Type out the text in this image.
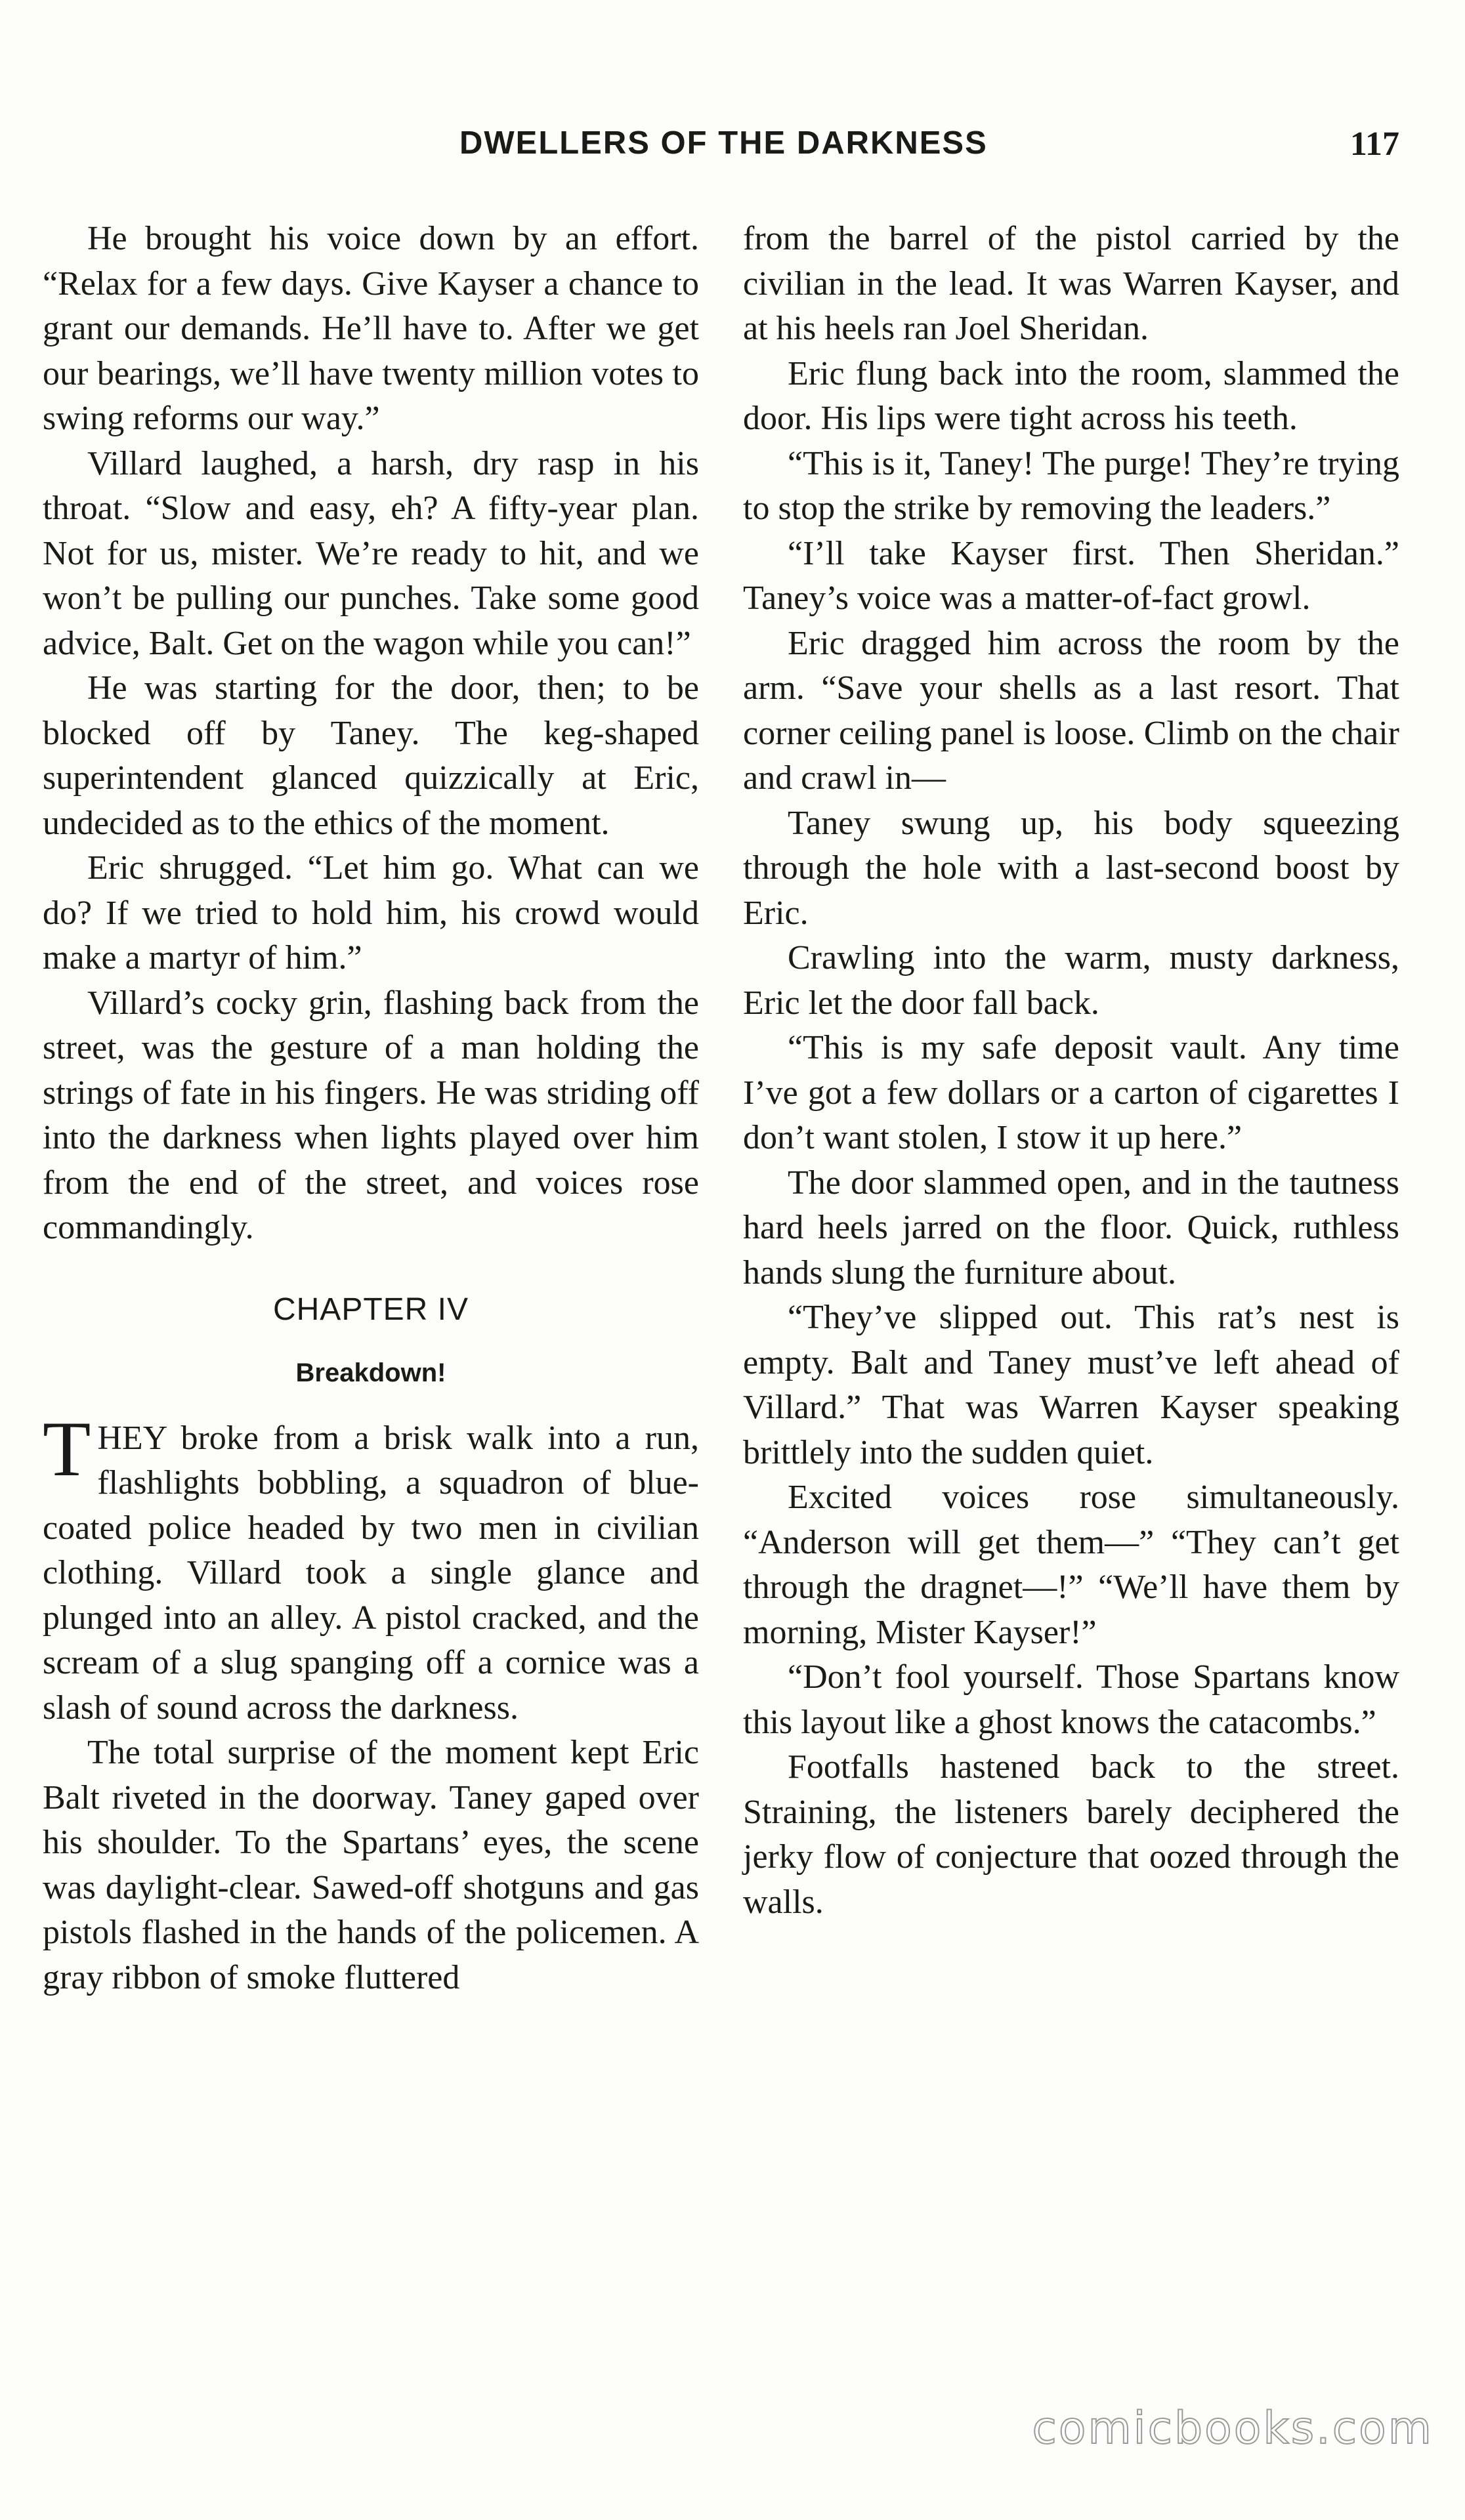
DWELLERS OF THE DARKNESS	117

He brought his voice down by an effort. “Relax for a few days. Give Kayser a chance to grant our demands. He’ll have to. After we get our bearings, we’ll have twenty million votes to swing reforms our way.”

Villard laughed, a harsh, dry rasp in his throat. “Slow and easy, eh? A fifty-year plan. Not for us, mister. We’re ready to hit, and we won’t be pulling our punches. Take some good advice, Balt. Get on the wagon while you can!”

He was starting for the door, then; to be blocked off by Taney. The keg-shaped superintendent glanced quizzically at Eric, undecided as to the ethics of the moment.

Eric shrugged. “Let him go. What can we do? If we tried to hold him, his crowd would make a martyr of him.”

Villard’s cocky grin, flashing back from the street, was the gesture of a man holding the strings of fate in his fingers. He was striding off into the darkness when lights played over him from the end of the street, and voices rose commandingly.

CHAPTER IV
Breakdown!

THEY broke from a brisk walk into a run, flashlights bobbling, a squadron of blue-coated police headed by two men in civilian clothing. Villard took a single glance and plunged into an alley. A pistol cracked, and the scream of a slug spanging off a cornice was a slash of sound across the darkness.

The total surprise of the moment kept Eric Balt riveted in the doorway. Taney gaped over his shoulder. To the Spartans’ eyes, the scene was daylight-clear. Sawed-off shotguns and gas pistols flashed in the hands of the policemen. A gray ribbon of smoke fluttered

from the barrel of the pistol carried by the civilian in the lead. It was Warren Kayser, and at his heels ran Joel Sheridan.

Eric flung back into the room, slammed the door. His lips were tight across his teeth.

“This is it, Taney! The purge! They’re trying to stop the strike by removing the leaders.”

“I’ll take Kayser first. Then Sheridan.” Taney’s voice was a matter-of-fact growl.

Eric dragged him across the room by the arm. “Save your shells as a last resort. That corner ceiling panel is loose. Climb on the chair and crawl in—

Taney swung up, his body squeezing through the hole with a last-second boost by Eric.

Crawling into the warm, musty darkness, Eric let the door fall back.

“This is my safe deposit vault. Any time I’ve got a few dollars or a carton of cigarettes I don’t want stolen, I stow it up here.”

The door slammed open, and in the tautness hard heels jarred on the floor. Quick, ruthless hands slung the furniture about.

“They’ve slipped out. This rat’s nest is empty. Balt and Taney must’ve left ahead of Villard.” That was Warren Kayser speaking brittlely into the sudden quiet.

Excited voices rose simultaneously. “Anderson will get them—” “They can’t get through the dragnet—!” “We’ll have them by morning, Mister Kayser!”

“Don’t fool yourself. Those Spartans know this layout like a ghost knows the catacombs.”

Footfalls hastened back to the street. Straining, the listeners barely deciphered the jerky flow of conjecture that oozed through the walls.

comicbooks.com
